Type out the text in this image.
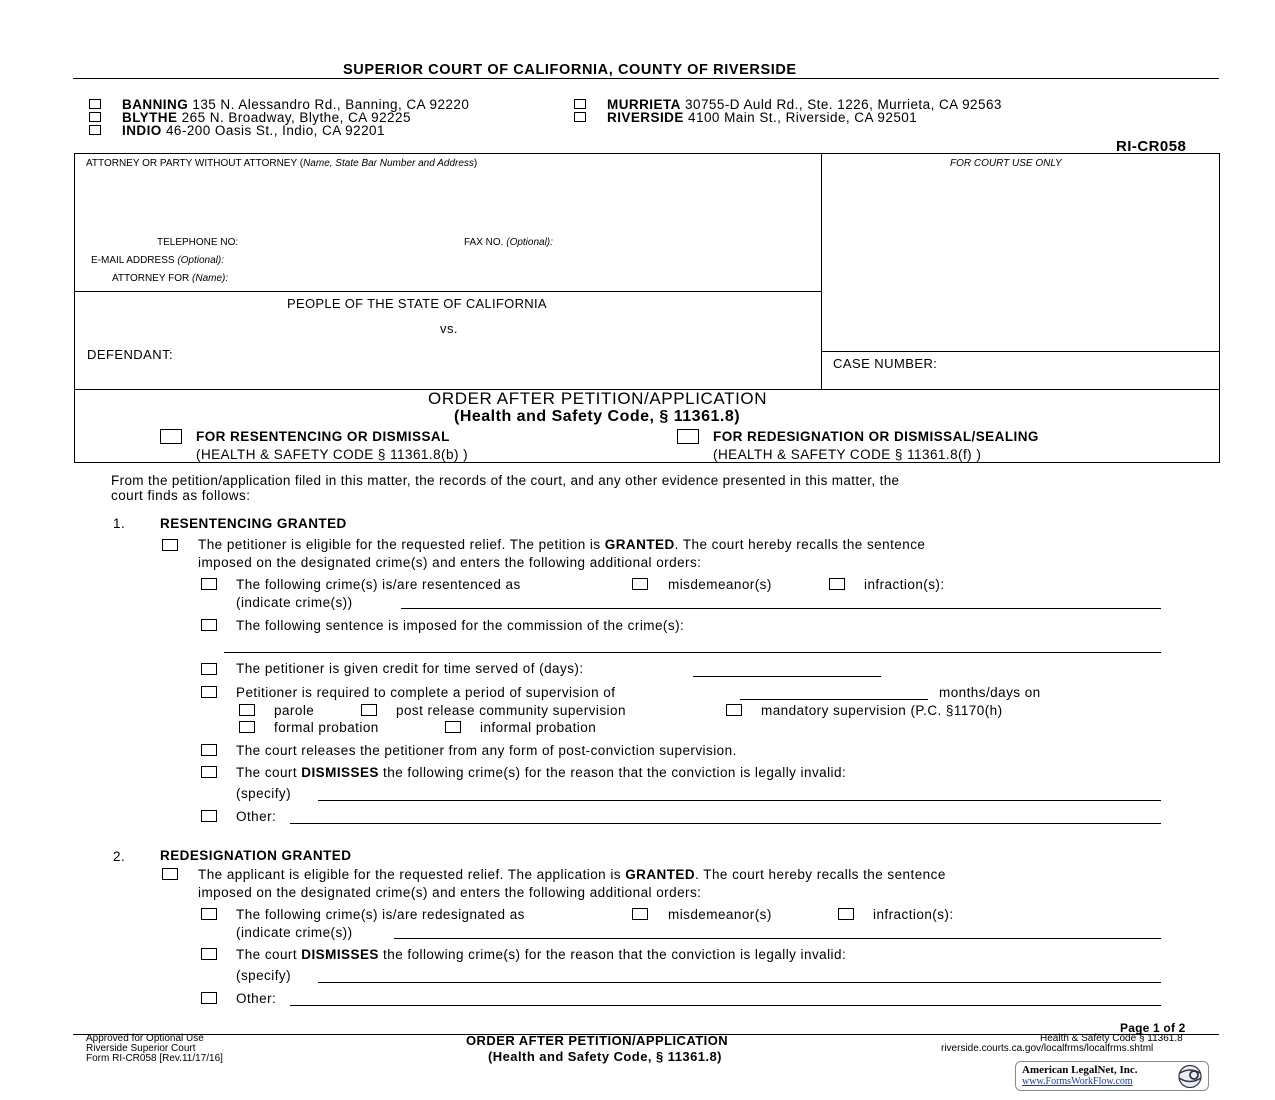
SUPERIOR COURT OF CALIFORNIA, COUNTY OF RIVERSIDE
BANNING 135 N. Alessandro Rd., Banning, CA 92220
BLYTHE 265 N. Broadway, Blythe, CA 92225
INDIO 46-200 Oasis St., Indio, CA 92201
MURRIETA 30755-D Auld Rd., Ste. 1226, Murrieta, CA 92563
RIVERSIDE 4100 Main St., Riverside, CA 92501
RI-CR058
ATTORNEY OR PARTY WITHOUT ATTORNEY (Name, State Bar Number and Address)	FOR COURT USE ONLY
TELEPHONE NO:	FAX NO. (Optional):
E-MAIL ADDRESS (Optional):
ATTORNEY FOR (Name):
PEOPLE OF THE STATE OF CALIFORNIA
vs.
DEFENDANT:
CASE NUMBER:
ORDER AFTER PETITION/APPLICATION
(Health and Safety Code, § 11361.8)
FOR RESENTENCING OR DISMISSAL
(HEALTH & SAFETY CODE § 11361.8(b) )
FOR REDESIGNATION OR DISMISSAL/SEALING
(HEALTH & SAFETY CODE § 11361.8(f) )
From the petition/application filed in this matter, the records of the court, and any other evidence presented in this matter, the
court finds as follows:
1.	RESENTENCING GRANTED
The petitioner is eligible for the requested relief. The petition is GRANTED. The court hereby recalls the sentence
imposed on the designated crime(s) and enters the following additional orders:
The following crime(s) is/are resentenced as	misdemeanor(s)	infraction(s):
(indicate crime(s))
The following sentence is imposed for the commission of the crime(s):
The petitioner is given credit for time served of (days):
Petitioner is required to complete a period of supervision of	months/days on
parole	post release community supervision	mandatory supervision (P.C. §1170(h)
formal probation	informal probation
The court releases the petitioner from any form of post-conviction supervision.
The court DISMISSES the following crime(s) for the reason that the conviction is legally invalid:
(specify)
Other:
2.	REDESIGNATION GRANTED
The applicant is eligible for the requested relief. The application is GRANTED. The court hereby recalls the sentence
imposed on the designated crime(s) and enters the following additional orders:
The following crime(s) is/are redesignated as	misdemeanor(s)	infraction(s):
(indicate crime(s))
The court DISMISSES the following crime(s) for the reason that the conviction is legally invalid:
(specify)
Other:
Approved for Optional Use
Riverside Superior Court
Form RI-CR058 [Rev.11/17/16]
ORDER AFTER PETITION/APPLICATION
(Health and Safety Code, § 11361.8)
Page 1 of 2
Health & Safety Code § 11361.8
riverside.courts.ca.gov/localfrms/localfrms.shtml
American LegalNet, Inc.
www.FormsWorkFlow.com
